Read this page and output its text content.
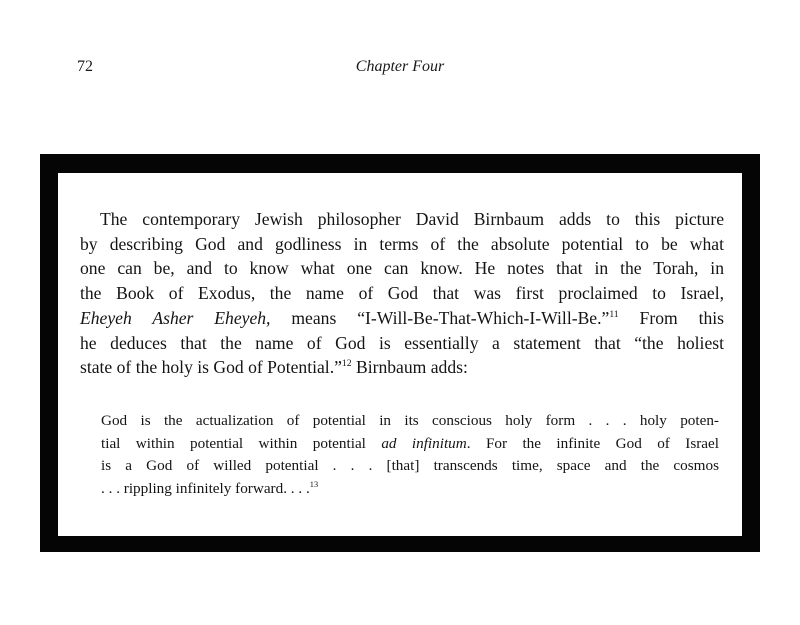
72	Chapter Four

The contemporary Jewish philosopher David Birnbaum adds to this picture
by describing God and godliness in terms of the absolute potential to be what
one can be, and to know what one can know. He notes that in the Torah, in
the Book of Exodus, the name of God that was first proclaimed to Israel,
Eheyeh Asher Eheyeh, means “I-Will-Be-That-Which-I-Will-Be.”$^{11}$ From this
he deduces that the name of God is essentially a statement that “the holiest
state of the holy is God of Potential.”$^{12}$ Birnbaum adds:

God is the actualization of potential in its conscious holy form . . . holy poten-
tial within potential within potential ad infinitum. For the infinite God of Israel
is a God of willed potential . . . [that] transcends time, space and the cosmos
. . . rippling infinitely forward. . . .$^{13}$
